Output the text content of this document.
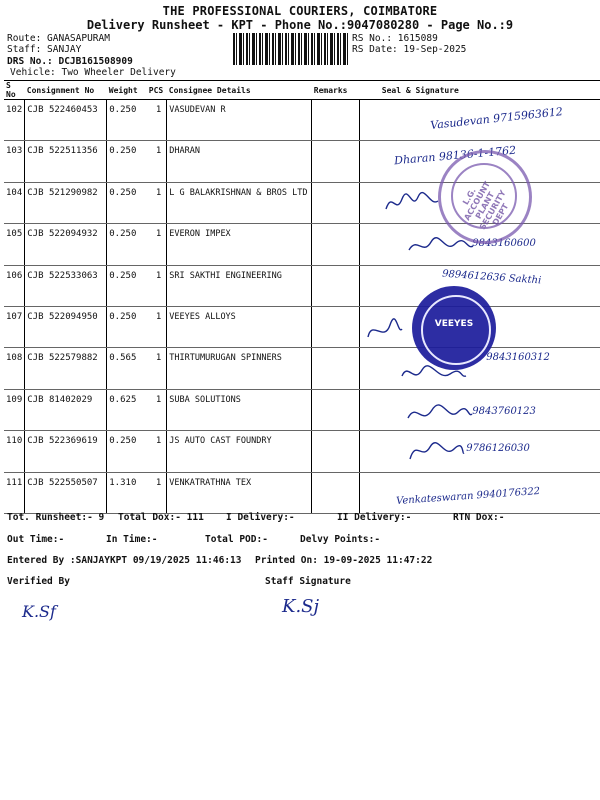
THE PROFESSIONAL COURIERS, COIMBATORE
Delivery Runsheet - KPT - Phone No.:9047080280 - Page No.:9
Route: GANASAPURAM
Staff: SANJAY
DRS No.: DCJB161508909
Vehicle: Two Wheeler Delivery
RS No.: 1615089
RS Date: 19-Sep-2025
S No	Consignment No	Weight	PCS	Consignee Details	Remarks	Seal & Signature
102	CJB 522460453	0.250	1	VASUDEVAN R		Vasudevan 9715963612

103	CJB 522511356	0.250	1	DHARAN		Dharan 98136-1-1762

104	CJB 521290982	0.250	1	L G BALAKRISHNAN & BROS LTD		

105	CJB 522094932	0.250	1	EVERON IMPEX		9843160600

106	CJB 522533063	0.250	1	SRI SAKTHI ENGINEERING		9894612636 Sakthi

107	CJB 522094950	0.250	1	VEEYES ALLOYS		

108	CJB 522579882	0.565	1	THIRTUMURUGAN SPINNERS		9843160312

109	CJB 81402029	0.625	1	SUBA SOLUTIONS		9843760123

110	CJB 522369619	0.250	1	JS AUTO CAST FOUNDRY		9786126030

111	CJB 522550507	1.310	1	VENKATRATHNA TEX		Venkateswaran 9940176322
L.G. ACCOUNT PLANT SECURITY DEPT
VEEYES
Tot. Runsheet:- 9 Total Dox:- 111 I Delivery:-	II Delivery:-	RTN Dox:-
Out Time:-	In Time:-	Total POD:-	Delvy Points:-
Entered By :SANJAYKPT 09/19/2025 11:46:13 Printed On: 19-09-2025 11:47:22
Verified By	Staff Signature
K.Sf	K.Sj
